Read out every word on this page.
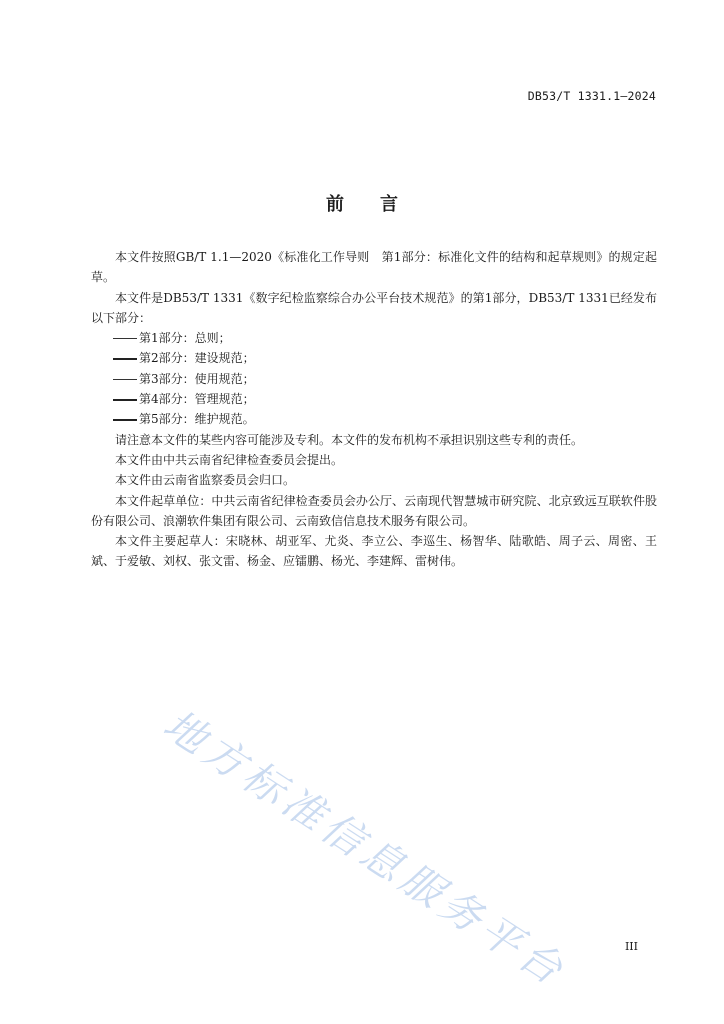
DB53/T 1331.1—2024
前言

本文件按照GB/T 1.1—2020《标准化工作导则　第1部分：标准化文件的结构和起草规则》的规定起草。

本文件是DB53/T 1331《数字纪检监察综合办公平台技术规范》的第1部分，DB53/T 1331已经发布以下部分：

第1部分：总则；

第2部分：建设规范；

第3部分：使用规范；

第4部分：管理规范；

第5部分：维护规范。

请注意本文件的某些内容可能涉及专利。本文件的发布机构不承担识别这些专利的责任。

本文件由中共云南省纪律检查委员会提出。

本文件由云南省监察委员会归口。

本文件起草单位：中共云南省纪律检查委员会办公厅、云南现代智慧城市研究院、北京致远互联软件股份有限公司、浪潮软件集团有限公司、云南致信信息技术服务有限公司。

本文件主要起草人：宋晓林、胡亚军、尤炎、李立公、李巡生、杨智华、陆歌皓、周子云、周密、王斌、于爱敏、刘权、张文雷、杨金、应镭鹏、杨光、李建辉、雷树伟。

地方标准信息服务平台	III
